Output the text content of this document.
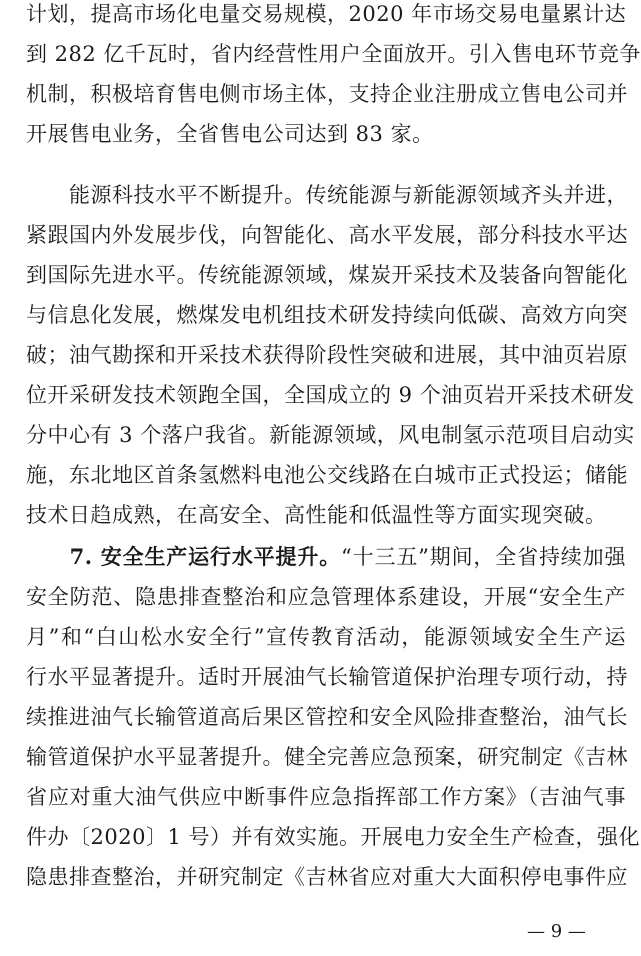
计划，提高市场化电量交易规模，2020 年市场交易电量累计达
到 282 亿千瓦时，省内经营性用户全面放开。引入售电环节竞争
机制，积极培育售电侧市场主体，支持企业注册成立售电公司并
开展售电业务，全省售电公司达到 83 家。
　　能源科技水平不断提升。传统能源与新能源领域齐头并进，
紧跟国内外发展步伐，向智能化、高水平发展，部分科技水平达
到国际先进水平。传统能源领域，煤炭开采技术及装备向智能化
与信息化发展，燃煤发电机组技术研发持续向低碳、高效方向突
破；油气勘探和开采技术获得阶段性突破和进展，其中油页岩原
位开采研发技术领跑全国，全国成立的 9 个油页岩开采技术研发
分中心有 3 个落户我省。新能源领域，风电制氢示范项目启动实
施，东北地区首条氢燃料电池公交线路在白城市正式投运；储能
技术日趋成熟，在高安全、高性能和低温性等方面实现突破。
　　7. 安全生产运行水平提升。“十三五”期间，全省持续加强
安全防范、隐患排查整治和应急管理体系建设，开展“安全生产
月”和“白山松水安全行”宣传教育活动，能源领域安全生产运
行水平显著提升。适时开展油气长输管道保护治理专项行动，持
续推进油气长输管道高后果区管控和安全风险排查整治，油气长
输管道保护水平显著提升。健全完善应急预案，研究制定《吉林
省应对重大油气供应中断事件应急指挥部工作方案》（吉油气事
件办〔2020〕1 号）并有效实施。开展电力安全生产检查，强化
隐患排查整治，并研究制定《吉林省应对重大大面积停电事件应
— 9 —
